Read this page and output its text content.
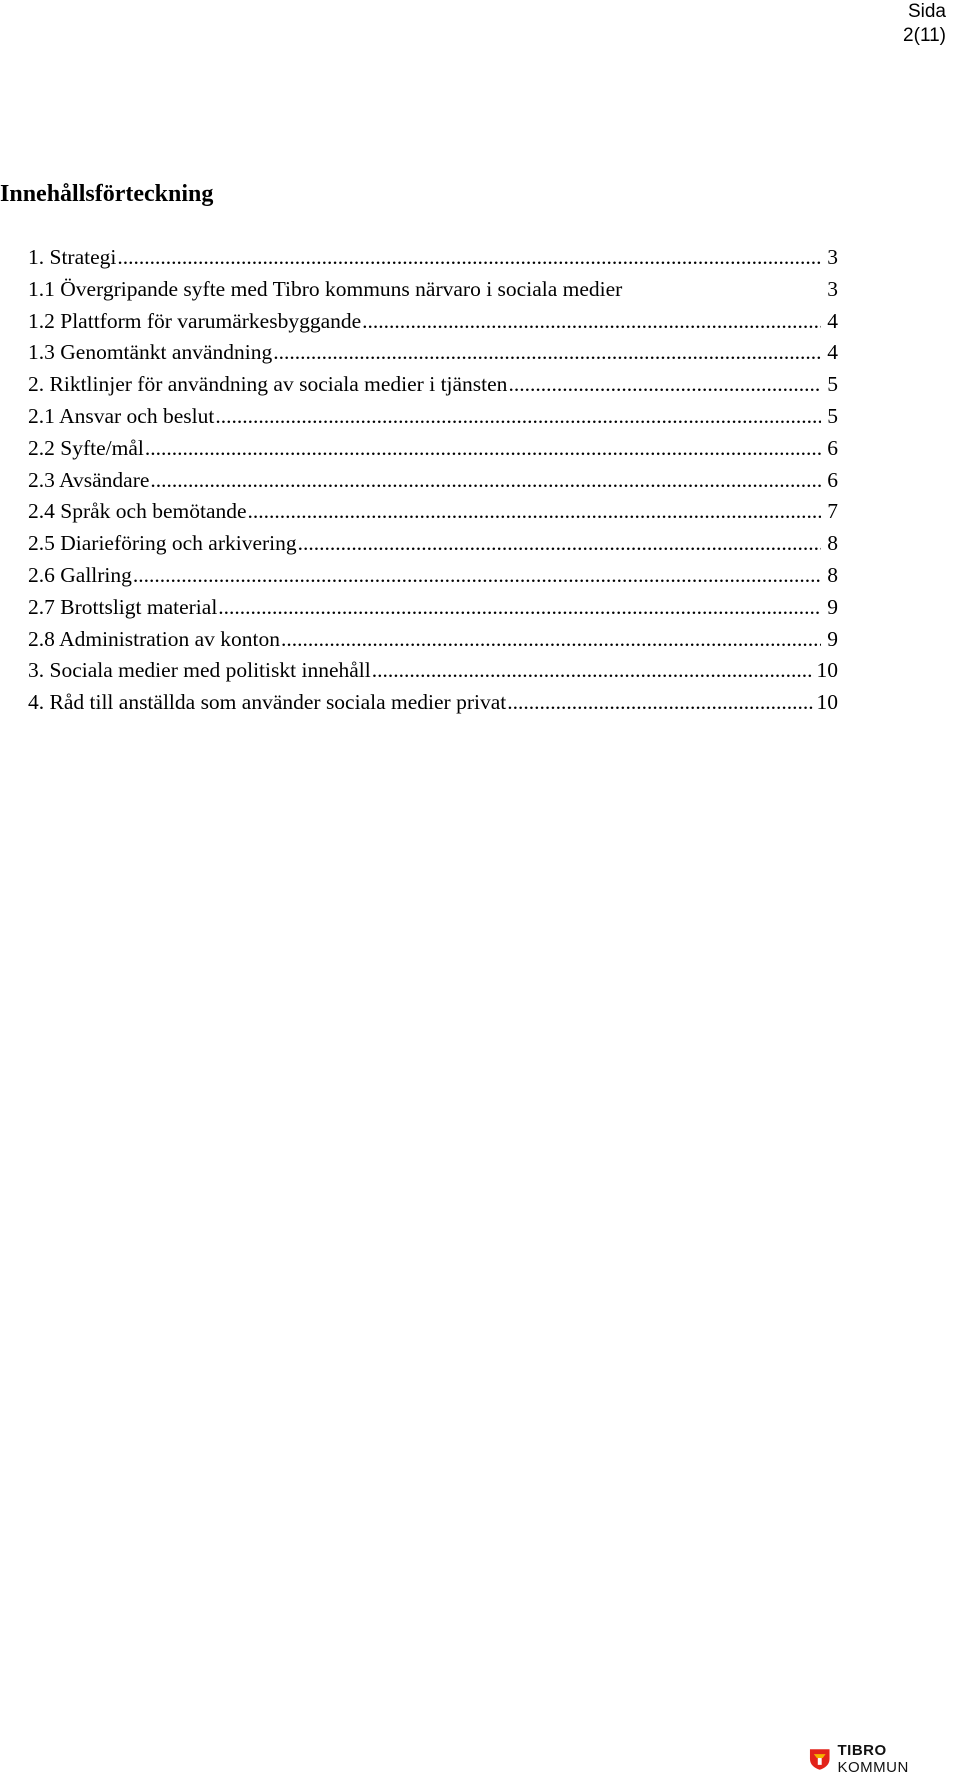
Sida
2(11)
Innehållsförteckning
1. Strategi .....	3
1.1 Övergripande syfte med Tibro kommuns närvaro i sociala medier	3
1.2 Plattform för varumärkesbyggande .....	4
1.3 Genomtänkt användning .....	4
2. Riktlinjer för användning av sociala medier i tjänsten .....	5
2.1 Ansvar och beslut .....	5
2.2 Syfte/mål .....	6
2.3 Avsändare .....	6
2.4 Språk och bemötande .....	7
2.5 Diarieföring och arkivering .....	8
2.6 Gallring .....	8
2.7 Brottsligt material .....	9
2.8 Administration av konton .....	9
3. Sociala medier med politiskt innehåll .....	10
4. Råd till anställda som använder sociala medier privat .....	10
TIBRO KOMMUN
